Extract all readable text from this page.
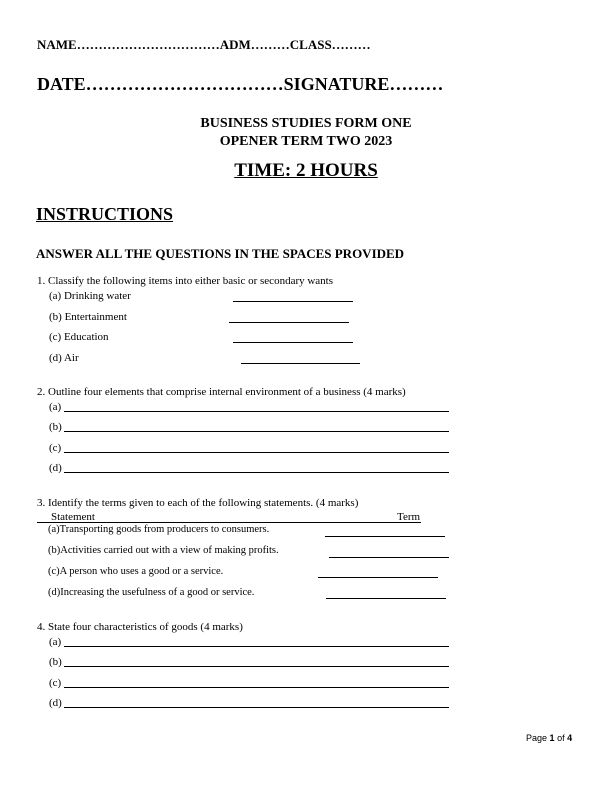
NAME……………………………ADM………CLASS………
DATE……………………………SIGNATURE………
BUSINESS STUDIES FORM ONE
OPENER TERM TWO 2023
TIME: 2 HOURS
INSTRUCTIONS
ANSWER ALL THE QUESTIONS IN THE SPACES PROVIDED
1. Classify the following items into either basic or secondary wants
(a) Drinking water
(b) Entertainment
(c) Education
(d) Air
2. Outline four elements that comprise internal environment of a business (4 marks)
(a)
(b)
(c)
(d)
3. Identify the terms given to each of the following statements. (4 marks)
Statement	Term
(a)Transporting goods from producers to consumers.
(b)Activities carried out with a view of making profits.
(c)A person who uses a good or a service.
(d)Increasing the usefulness of a good or service.
4. State four characteristics of goods (4 marks)
(a)
(b)
(c)
(d)
Page 1 of 4
